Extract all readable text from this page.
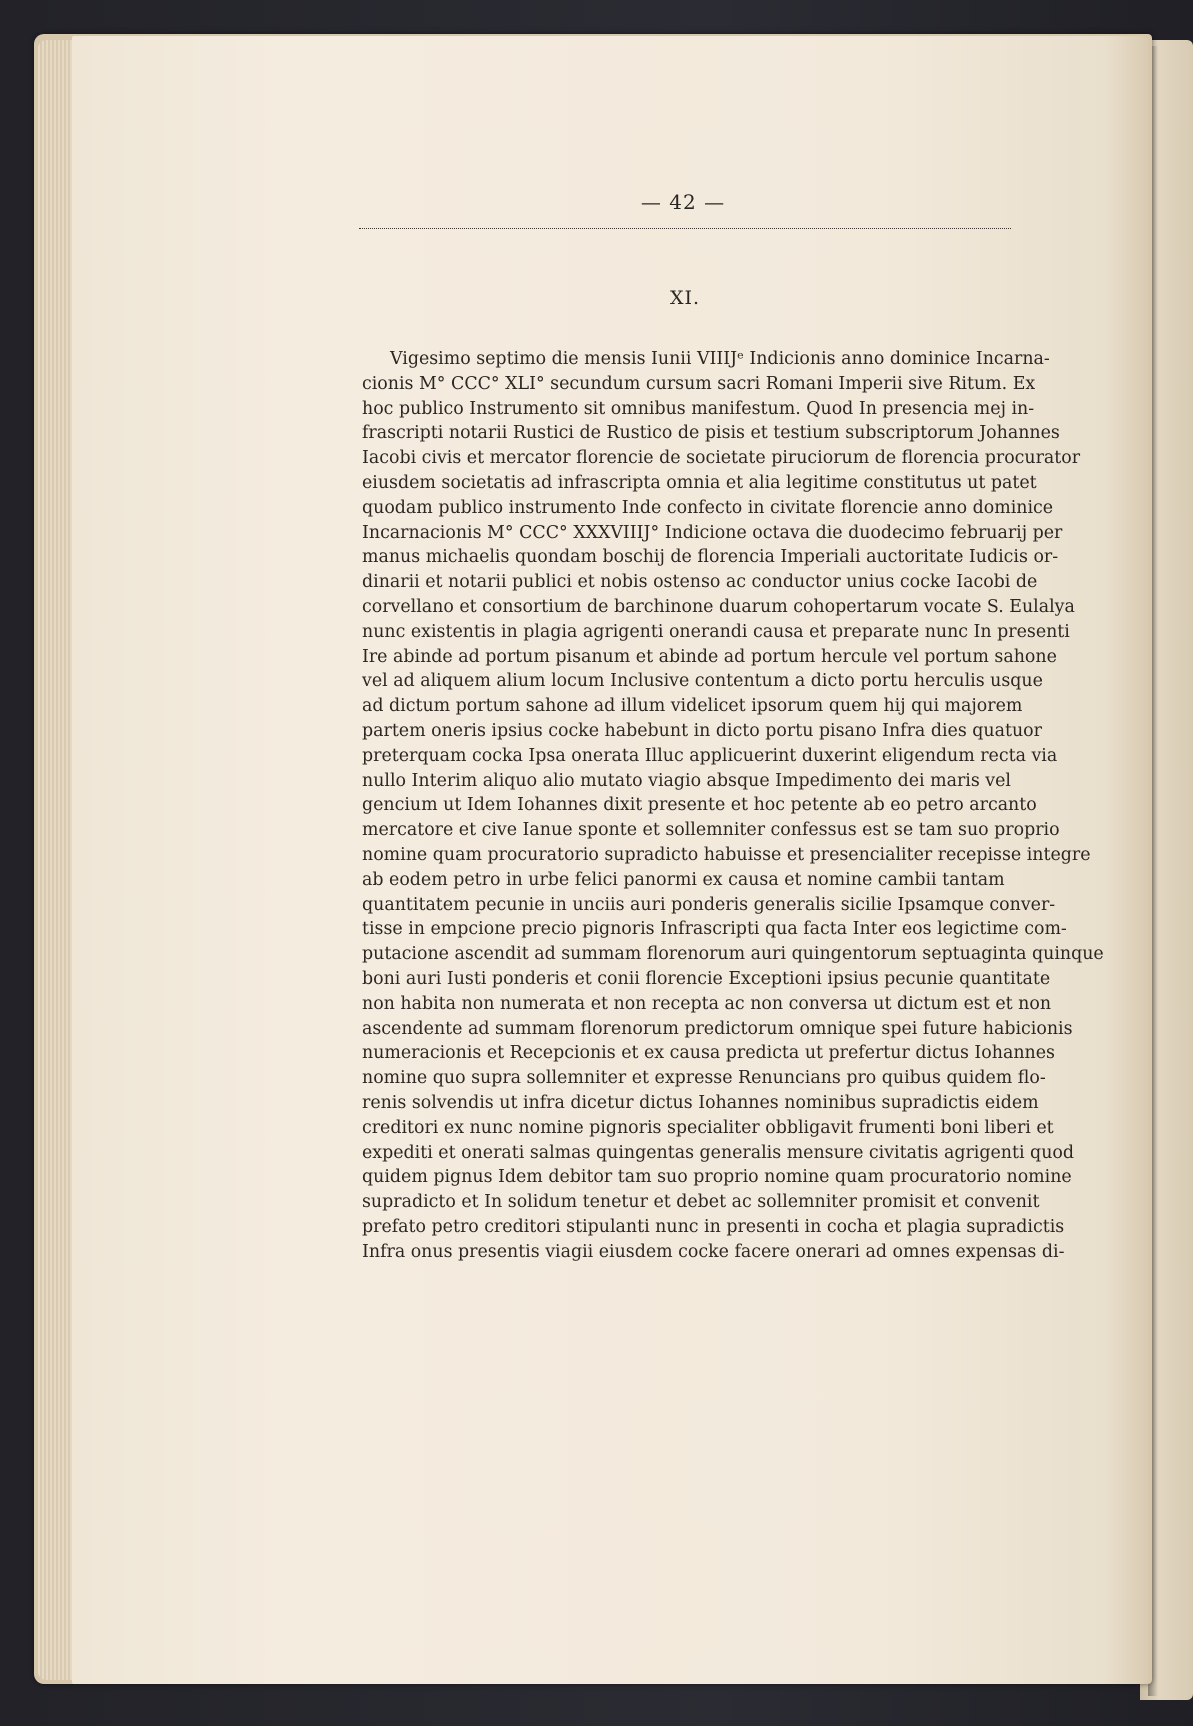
— 42 —
XI.
Vigesimo septimo die mensis Iunii VIIIJᵉ Indicionis anno dominice Incarna-
cionis M° CCC° XLI° secundum cursum sacri Romani Imperii sive Ritum. Ex
hoc publico Instrumento sit omnibus manifestum. Quod In presencia mej in-
frascripti notarii Rustici de Rustico de pisis et testium subscriptorum Johannes
Iacobi civis et mercator florencie de societate piruciorum de florencia procurator
eiusdem societatis ad infrascripta omnia et alia legitime constitutus ut patet
quodam publico instrumento Inde confecto in civitate florencie anno dominice
Incarnacionis M° CCC° XXXVIIIJ° Indicione octava die duodecimo februarij per
manus michaelis quondam boschij de florencia Imperiali auctoritate Iudicis or-
dinarii et notarii publici et nobis ostenso ac conductor unius cocke Iacobi de
corvellano et consortium de barchinone duarum cohopertarum vocate S. Eulalya
nunc existentis in plagia agrigenti onerandi causa et preparate nunc In presenti
Ire abinde ad portum pisanum et abinde ad portum hercule vel portum sahone
vel ad aliquem alium locum Inclusive contentum a dicto portu herculis usque
ad dictum portum sahone ad illum videlicet ipsorum quem hij qui majorem
partem oneris ipsius cocke habebunt in dicto portu pisano Infra dies quatuor
preterquam cocka Ipsa onerata Illuc applicuerint duxerint eligendum recta via
nullo Interim aliquo alio mutato viagio absque Impedimento dei maris vel
gencium ut Idem Iohannes dixit presente et hoc petente ab eo petro arcanto
mercatore et cive Ianue sponte et sollemniter confessus est se tam suo proprio
nomine quam procuratorio supradicto habuisse et presencialiter recepisse integre
ab eodem petro in urbe felici panormi ex causa et nomine cambii tantam
quantitatem pecunie in unciis auri ponderis generalis sicilie Ipsamque conver-
tisse in empcione precio pignoris Infrascripti qua facta Inter eos legictime com-
putacione ascendit ad summam florenorum auri quingentorum septuaginta quinque
boni auri Iusti ponderis et conii florencie Exceptioni ipsius pecunie quantitate
non habita non numerata et non recepta ac non conversa ut dictum est et non
ascendente ad summam florenorum predictorum omnique spei future habicionis
numeracionis et Recepcionis et ex causa predicta ut prefertur dictus Iohannes
nomine quo supra sollemniter et expresse Renuncians pro quibus quidem flo-
renis solvendis ut infra dicetur dictus Iohannes nominibus supradictis eidem
creditori ex nunc nomine pignoris specialiter obbligavit frumenti boni liberi et
expediti et onerati salmas quingentas generalis mensure civitatis agrigenti quod
quidem pignus Idem debitor tam suo proprio nomine quam procuratorio nomine
supradicto et In solidum tenetur et debet ac sollemniter promisit et convenit
prefato petro creditori stipulanti nunc in presenti in cocha et plagia supradictis
Infra onus presentis viagii eiusdem cocke facere onerari ad omnes expensas di-
